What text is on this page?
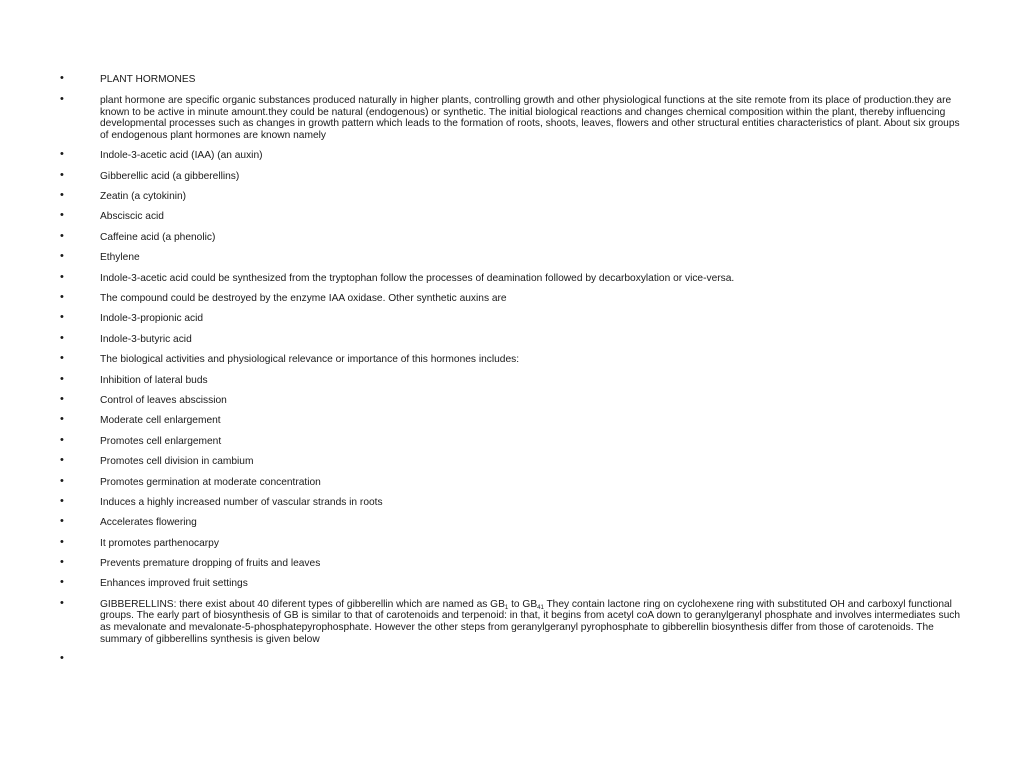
•	PLANT HORMONES
•	plant hormone are specific organic substances produced naturally in higher plants, controlling growth and other physiological functions at the site remote from its place of production.they are known to be active in minute amount.they could be natural (endogenous) or synthetic. The initial biological reactions and changes chemical composition within the plant, thereby influencing developmental processes such as changes in growth pattern which leads to the formation of roots, shoots, leaves, flowers and other structural entities characteristics of plant. About six groups of endogenous plant hormones are known namely
•	Indole-3-acetic acid (IAA) (an auxin)
•	Gibberellic acid (a gibberellins)
•	Zeatin (a cytokinin)
•	Absciscic acid
•	Caffeine acid (a phenolic)
•	Ethylene
•	Indole-3-acetic acid could be synthesized from the tryptophan follow the processes of deamination followed by decarboxylation or vice-versa.
•	The compound could be destroyed by the enzyme IAA oxidase. Other synthetic auxins are
•	Indole-3-propionic acid
•	Indole-3-butyric acid
•	The biological activities and physiological relevance or importance of this hormones includes:
•	Inhibition of lateral buds
•	Control of leaves abscission
•	Moderate cell enlargement
•	Promotes cell enlargement
•	Promotes cell division in cambium
•	Promotes germination at moderate concentration
•	Induces a highly increased number of vascular strands in roots
•	Accelerates flowering
•	It promotes parthenocarpy
•	Prevents premature dropping of fruits and leaves
•	Enhances improved fruit settings
•	GIBBERELLINS: there exist about 40 diferent types of gibberellin which are named as $GB_1$ to $GB_{41}$ They contain lactone ring on cyclohexene ring with substituted OH and carboxyl functional groups. The early part of biosynthesis of GB is similar to that of carotenoids and terpenoid: in that, it begins from acetyl coA down to geranylgeranyl phosphate and involves intermediates such as mevalonate and mevalonate-5-phosphatepyrophosphate. However the other steps from geranylgeranyl pyrophosphate to gibberellin biosynthesis differ from those of carotenoids. The summary of gibberellins synthesis is given below
•
